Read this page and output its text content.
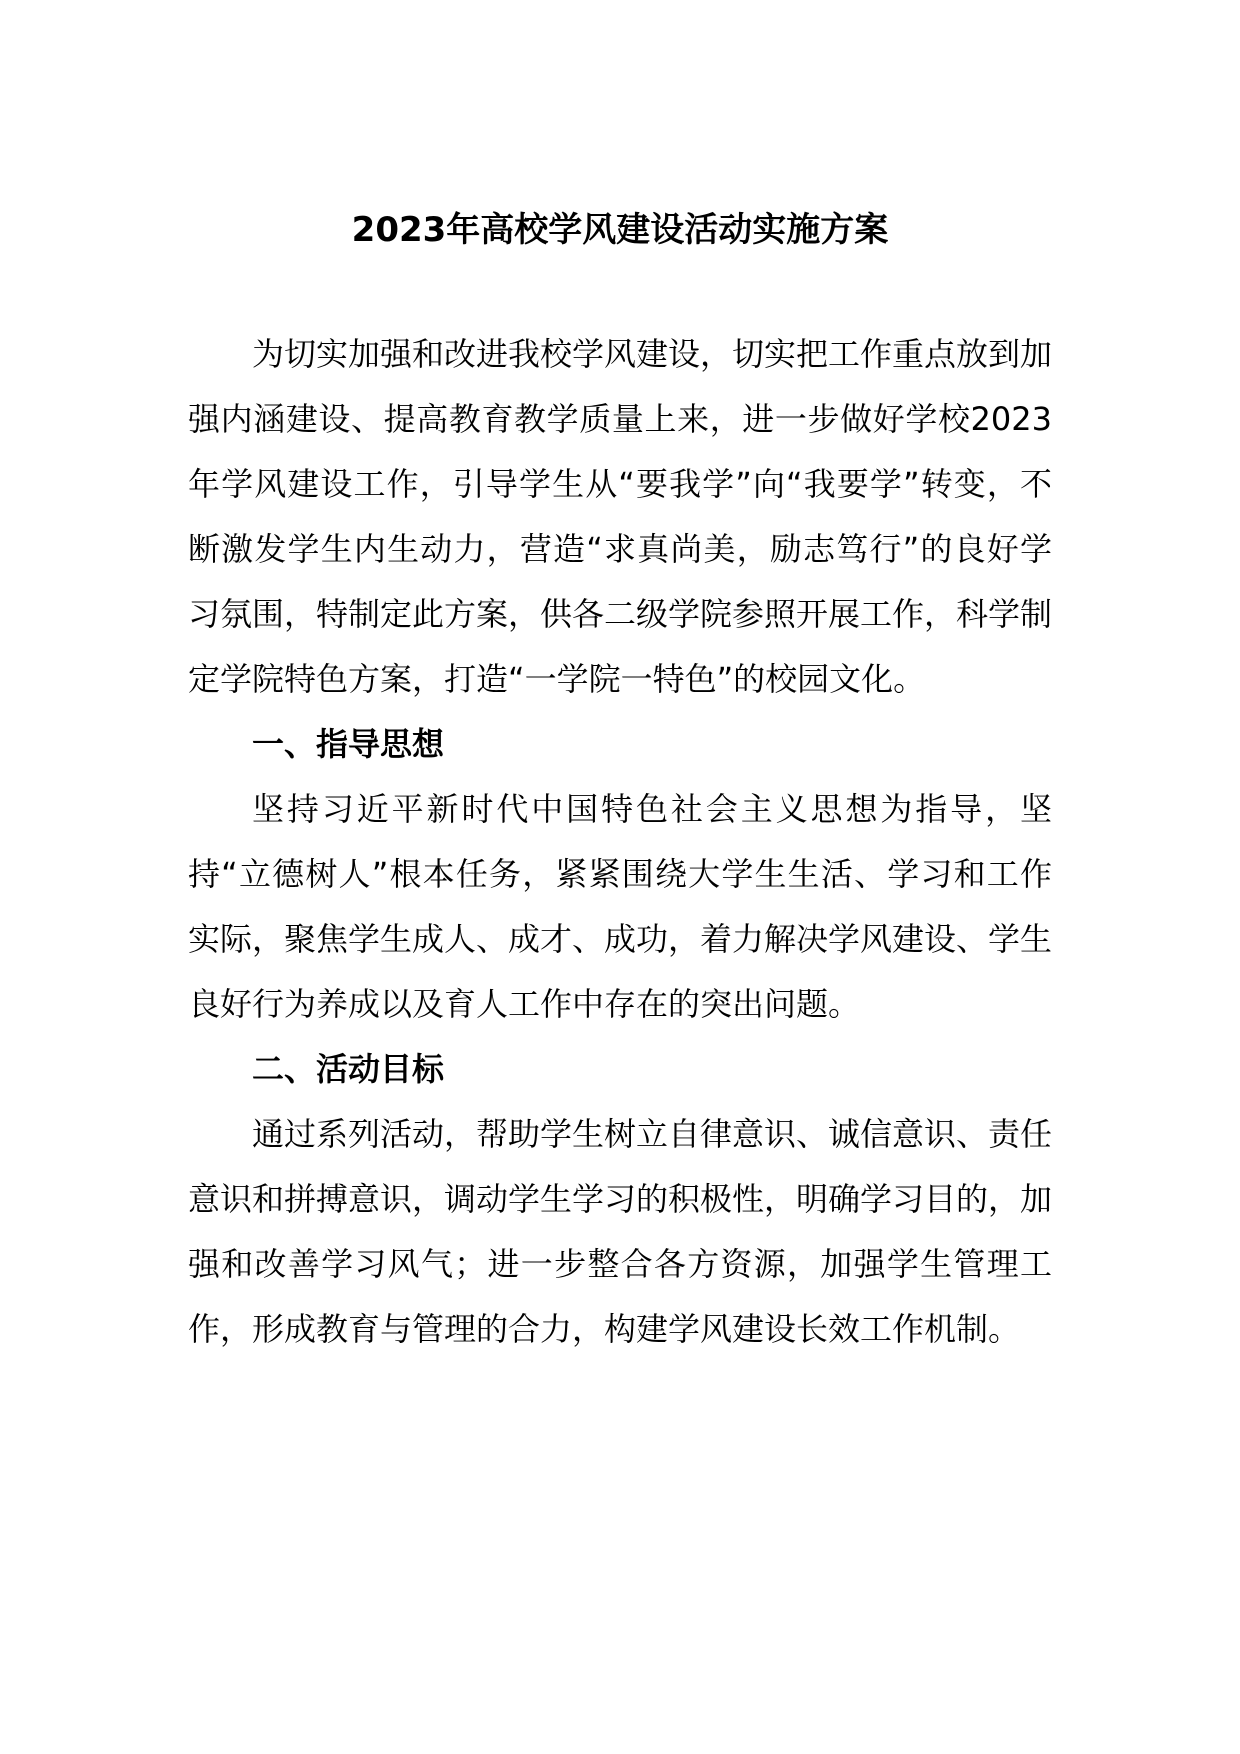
2023年高校学风建设活动实施方案

为切实加强和改进我校学风建设，切实把工作重点放到加强内涵建设、提高教育教学质量上来，进一步做好学校2023年学风建设工作，引导学生从“要我学”向“我要学”转变，不断激发学生内生动力，营造“求真尚美，励志笃行”的良好学习氛围，特制定此方案，供各二级学院参照开展工作，科学制定学院特色方案，打造“一学院一特色”的校园文化。

一、指导思想

坚持习近平新时代中国特色社会主义思想为指导，坚持“立德树人”根本任务，紧紧围绕大学生生活、学习和工作实际，聚焦学生成人、成才、成功，着力解决学风建设、学生良好行为养成以及育人工作中存在的突出问题。

二、活动目标

通过系列活动，帮助学生树立自律意识、诚信意识、责任意识和拼搏意识，调动学生学习的积极性，明确学习目的，加强和改善学习风气；进一步整合各方资源，加强学生管理工作，形成教育与管理的合力，构建学风建设长效工作机制。
